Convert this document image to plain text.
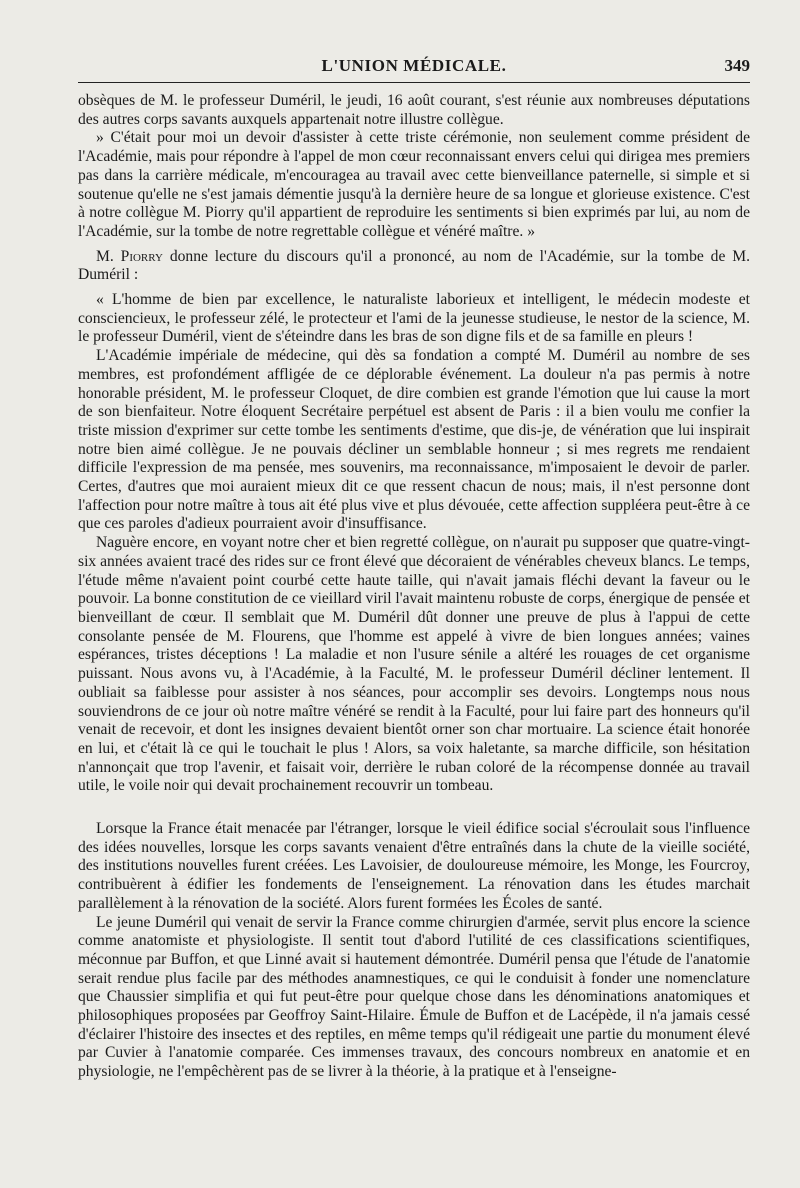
L'UNION MÉDICALE.	349

obsèques de M. le professeur Duméril, le jeudi, 16 août courant, s'est réunie aux nombreuses députations des autres corps savants auxquels appartenait notre illustre collègue.

» C'était pour moi un devoir d'assister à cette triste cérémonie, non seulement comme président de l'Académie, mais pour répondre à l'appel de mon cœur reconnaissant envers celui qui dirigea mes premiers pas dans la carrière médicale, m'encouragea au travail avec cette bienveillance paternelle, si simple et si soutenue qu'elle ne s'est jamais démentie jusqu'à la dernière heure de sa longue et glorieuse existence. C'est à notre collègue M. Piorry qu'il appartient de reproduire les sentiments si bien exprimés par lui, au nom de l'Académie, sur la tombe de notre regrettable collègue et vénéré maître. »

M. Piorry donne lecture du discours qu'il a prononcé, au nom de l'Académie, sur la tombe de M. Duméril :

« L'homme de bien par excellence, le naturaliste laborieux et intelligent, le médecin modeste et consciencieux, le professeur zélé, le protecteur et l'ami de la jeunesse studieuse, le nestor de la science, M. le professeur Duméril, vient de s'éteindre dans les bras de son digne fils et de sa famille en pleurs !

L'Académie impériale de médecine, qui dès sa fondation a compté M. Duméril au nombre de ses membres, est profondément affligée de ce déplorable événement. La douleur n'a pas permis à notre honorable président, M. le professeur Cloquet, de dire combien est grande l'émotion que lui cause la mort de son bienfaiteur. Notre éloquent Secrétaire perpétuel est absent de Paris : il a bien voulu me confier la triste mission d'exprimer sur cette tombe les sentiments d'estime, que dis-je, de vénération que lui inspirait notre bien aimé collègue. Je ne pouvais décliner un semblable honneur ; si mes regrets me rendaient difficile l'expression de ma pensée, mes souvenirs, ma reconnaissance, m'imposaient le devoir de parler. Certes, d'autres que moi auraient mieux dit ce que ressent chacun de nous; mais, il n'est personne dont l'affection pour notre maître à tous ait été plus vive et plus dévouée, cette affection suppléera peut-être à ce que ces paroles d'adieux pourraient avoir d'insuffisance.

Naguère encore, en voyant notre cher et bien regretté collègue, on n'aurait pu supposer que quatre-vingt-six années avaient tracé des rides sur ce front élevé que décoraient de vénérables cheveux blancs. Le temps, l'étude même n'avaient point courbé cette haute taille, qui n'avait jamais fléchi devant la faveur ou le pouvoir. La bonne constitution de ce vieillard viril l'avait maintenu robuste de corps, énergique de pensée et bienveillant de cœur. Il semblait que M. Duméril dût donner une preuve de plus à l'appui de cette consolante pensée de M. Flourens, que l'homme est appelé à vivre de bien longues années; vaines espérances, tristes déceptions ! La maladie et non l'usure sénile a altéré les rouages de cet organisme puissant. Nous avons vu, à l'Académie, à la Faculté, M. le professeur Duméril décliner lentement. Il oubliait sa faiblesse pour assister à nos séances, pour accomplir ses devoirs. Longtemps nous nous souviendrons de ce jour où notre maître vénéré se rendit à la Faculté, pour lui faire part des honneurs qu'il venait de recevoir, et dont les insignes devaient bientôt orner son char mortuaire. La science était honorée en lui, et c'était là ce qui le touchait le plus ! Alors, sa voix haletante, sa marche difficile, son hésitation n'annonçait que trop l'avenir, et faisait voir, derrière le ruban coloré de la récompense donnée au travail utile, le voile noir qui devait prochainement recouvrir un tombeau.

Lorsque la France était menacée par l'étranger, lorsque le vieil édifice social s'écroulait sous l'influence des idées nouvelles, lorsque les corps savants venaient d'être entraînés dans la chute de la vieille société, des institutions nouvelles furent créées. Les Lavoisier, de douloureuse mémoire, les Monge, les Fourcroy, contribuèrent à édifier les fondements de l'enseignement. La rénovation dans les études marchait parallèlement à la rénovation de la société. Alors furent formées les Écoles de santé.

Le jeune Duméril qui venait de servir la France comme chirurgien d'armée, servit plus encore la science comme anatomiste et physiologiste. Il sentit tout d'abord l'utilité de ces classifications scientifiques, méconnue par Buffon, et que Linné avait si hautement démontrée. Duméril pensa que l'étude de l'anatomie serait rendue plus facile par des méthodes anamnestiques, ce qui le conduisit à fonder une nomenclature que Chaussier simplifia et qui fut peut-être pour quelque chose dans les dénominations anatomiques et philosophiques proposées par Geoffroy Saint-Hilaire. Émule de Buffon et de Lacépède, il n'a jamais cessé d'éclairer l'histoire des insectes et des reptiles, en même temps qu'il rédigeait une partie du monument élevé par Cuvier à l'anatomie comparée. Ces immenses travaux, des concours nombreux en anatomie et en physiologie, ne l'empêchèrent pas de se livrer à la théorie, à la pratique et à l'enseigne-
